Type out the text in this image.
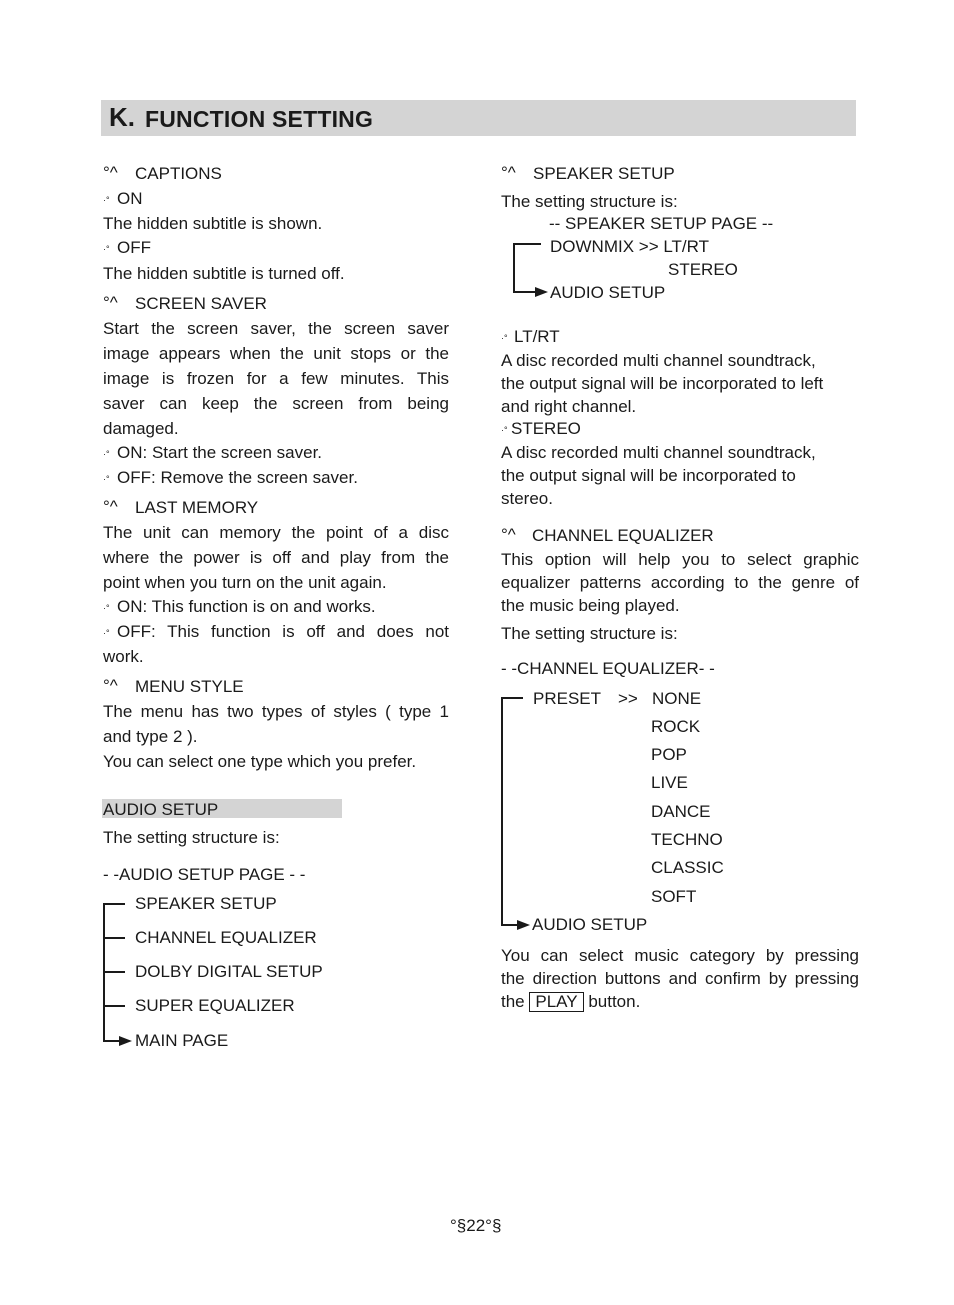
K. FUNCTION SETTING
°^ CAPTIONS
·° ON
The hidden subtitle is shown.
·° OFF
The hidden subtitle is turned off.
°^ SCREEN SAVER
Start the screen saver, the screen saver
image appears when the unit stops or the
image is frozen for a few minutes. This
saver can keep the screen from being
damaged.
·° ON: Start the screen saver.
·° OFF: Remove the screen saver.
°^ LAST MEMORY
The unit can memory the point of a disc
where the power is off and play from the
point when you turn on the unit again.
·° ON: This function is on and works.
·° OFF: This function is off and does not
work.
°^ MENU STYLE
The menu has two types of styles ( type 1
and type 2 ).
You can select one type which you prefer.
AUDIO SETUP
The setting structure is:
- -AUDIO SETUP PAGE - -
SPEAKER SETUP
CHANNEL EQUALIZER
DOLBY DIGITAL SETUP
SUPER EQUALIZER
MAIN PAGE
°^ SPEAKER SETUP
The setting structure is:
-- SPEAKER SETUP PAGE --
DOWNMIX >> LT/RT
STEREO
AUDIO SETUP
·° LT/RT
A disc recorded multi channel soundtrack,
the output signal will be incorporated to left
and right channel.
·° STEREO
A disc recorded multi channel soundtrack,
the output signal will be incorporated to
stereo.
°^ CHANNEL EQUALIZER
This option will help you to select graphic
equalizer patterns according to the genre of
the music being played.
The setting structure is:
- -CHANNEL EQUALIZER- -
PRESET >> NONE
ROCK
POP
LIVE
DANCE
TECHNO
CLASSIC
SOFT
AUDIO SETUP
You can select music category by pressing
the direction buttons and confirm by pressing
the PLAY button.
°§22°§
